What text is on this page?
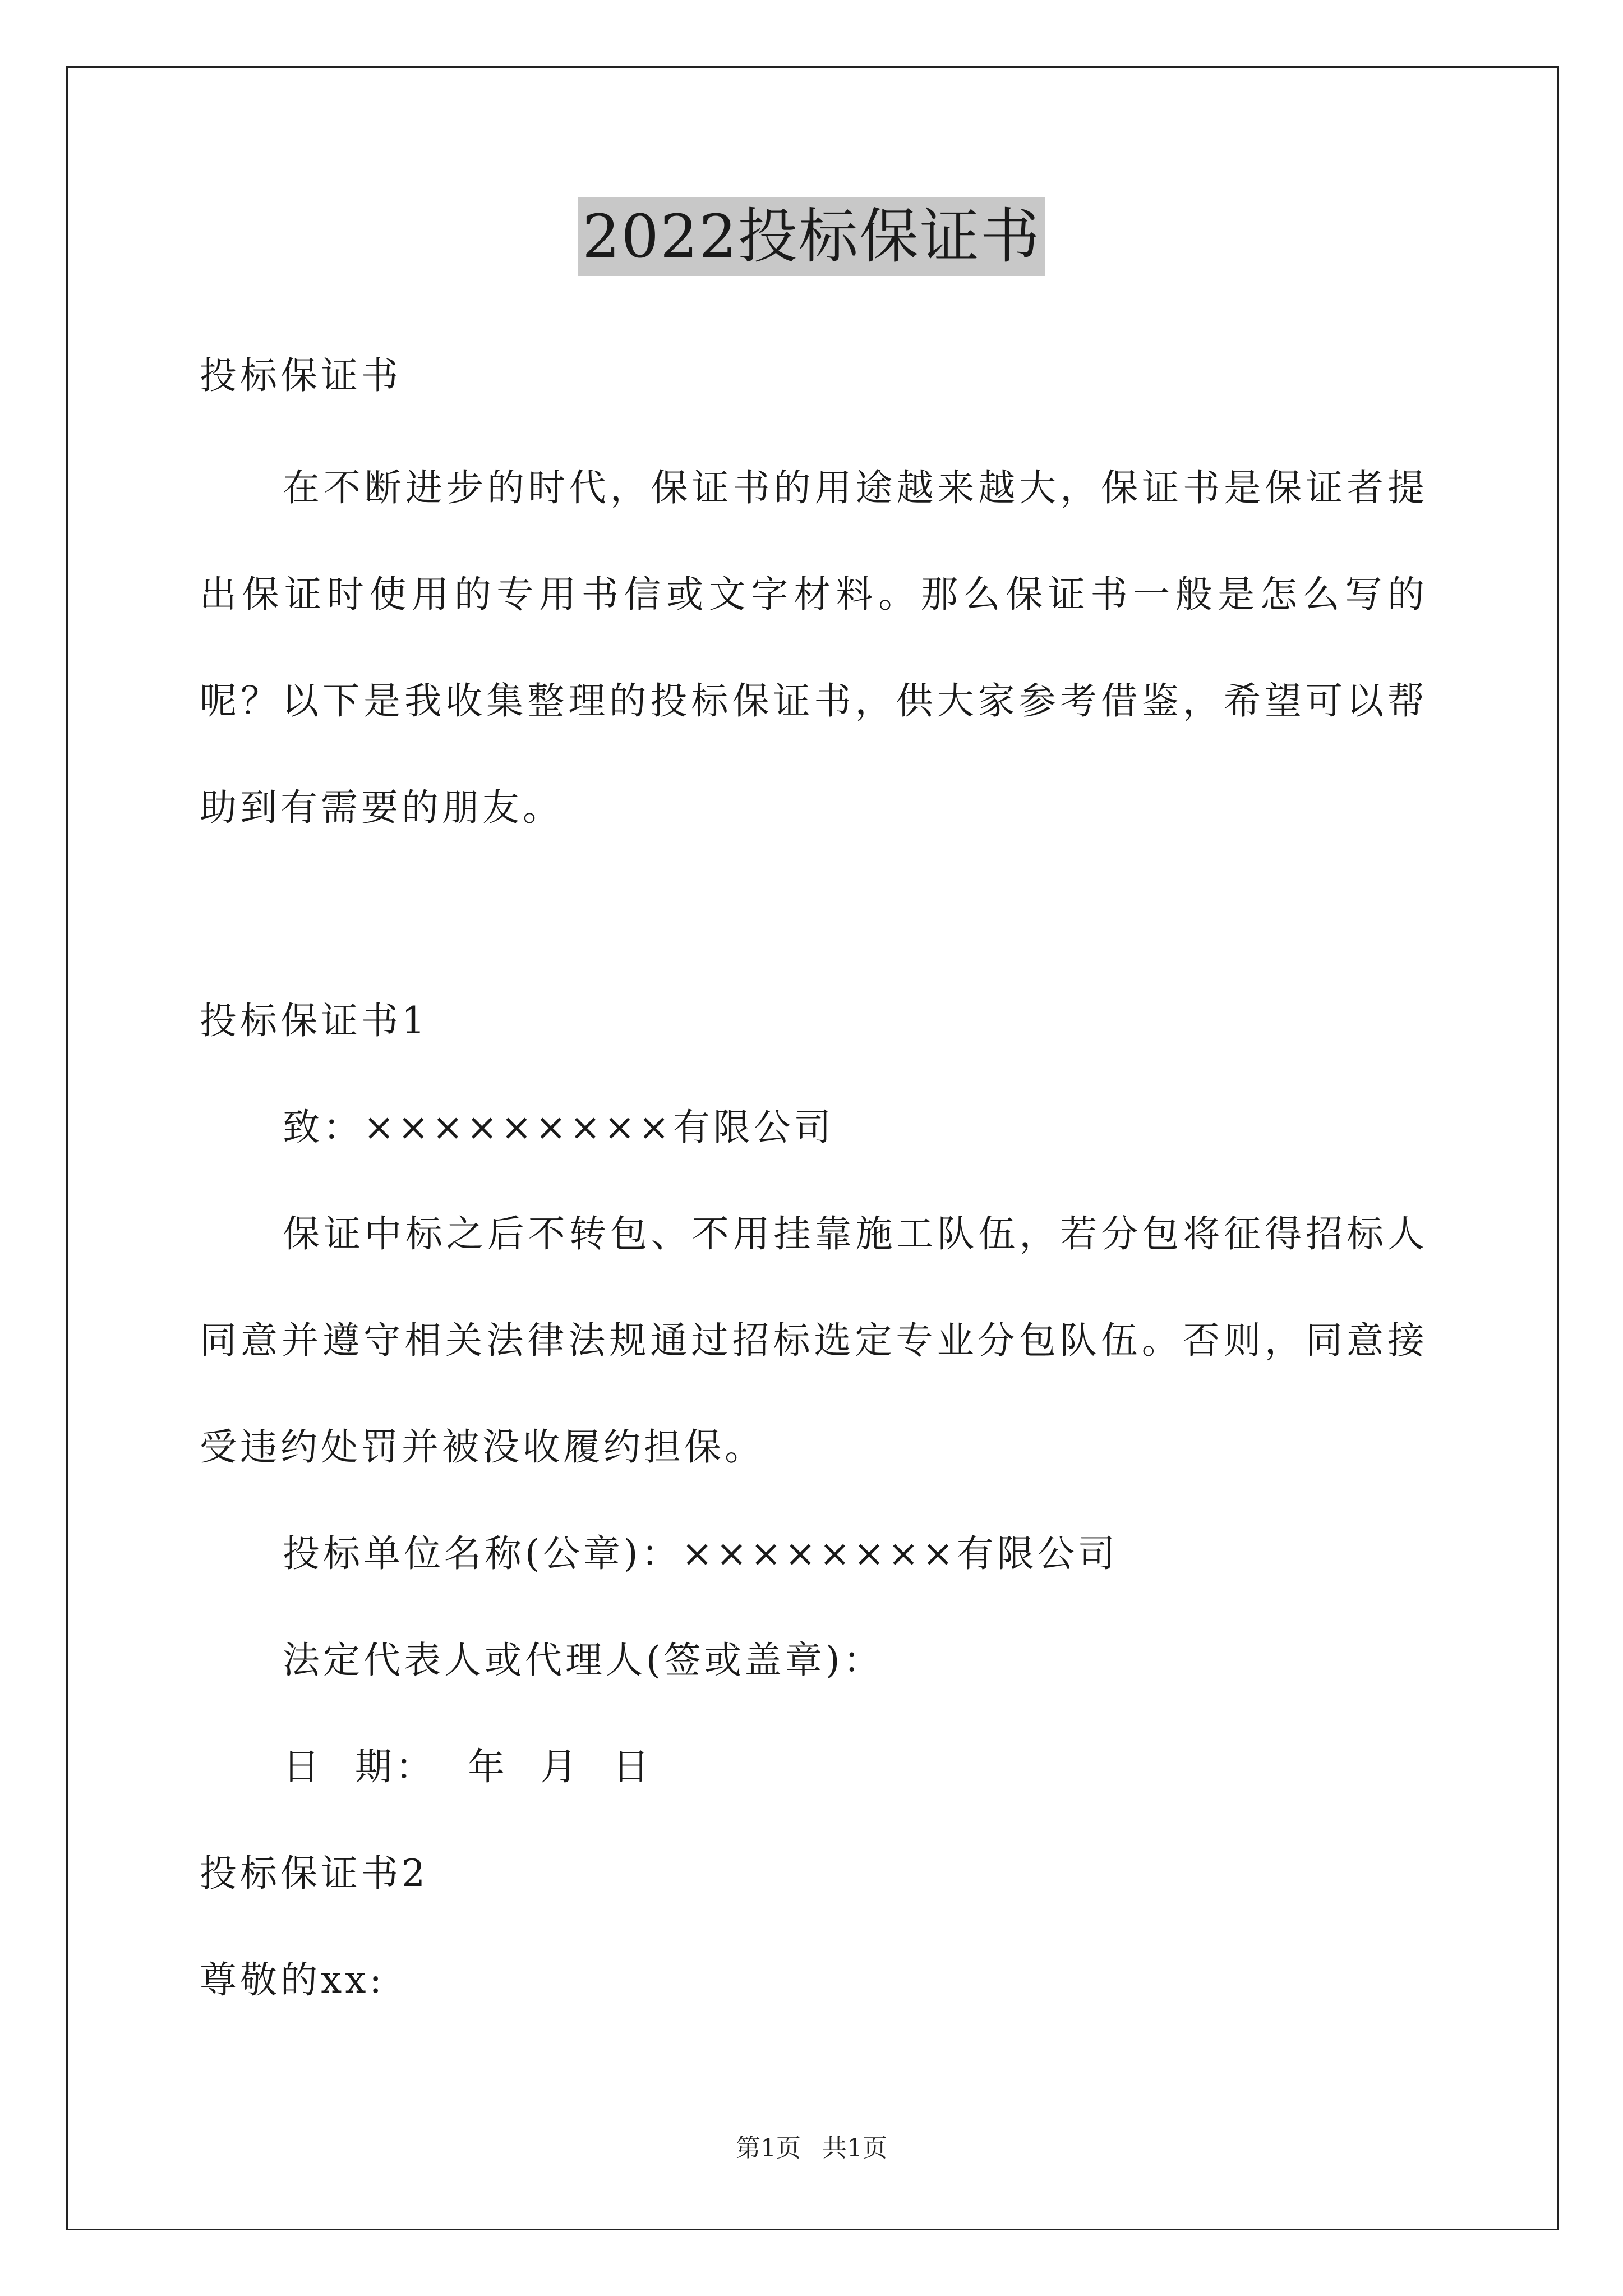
2022投标保证书
投标保证书
在不断进步的时代，保证书的用途越来越大，保证书是保证者提
出保证时使用的专用书信或文字材料。那么保证书一般是怎么写的
呢？以下是我收集整理的投标保证书，供大家参考借鉴，希望可以帮
助到有需要的朋友。
投标保证书1
致：×××××××××有限公司
保证中标之后不转包、不用挂靠施工队伍，若分包将征得招标人
同意并遵守相关法律法规通过招标选定专业分包队伍。否则，同意接
受违约处罚并被没收履约担保。
投标单位名称(公章)：××××××××有限公司
法定代表人或代理人(签或盖章)：
日 期： 年 月 日
投标保证书2
尊敬的xx:
第1页 共1页
